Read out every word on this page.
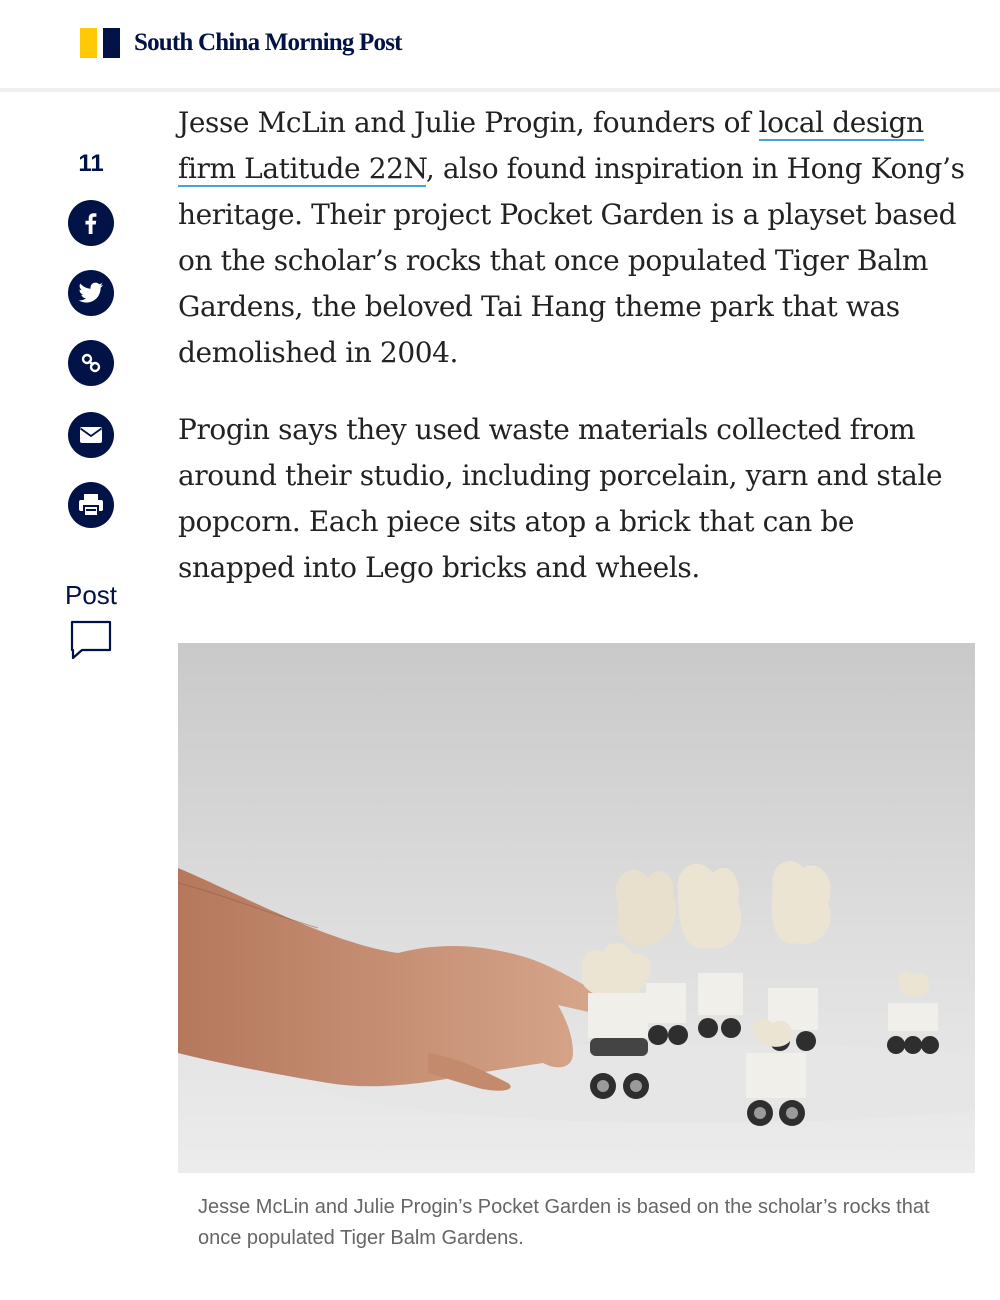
South China Morning Post
11
Post

Jesse McLin and Julie Progin, founders of local design firm Latitude 22N, also found inspiration in Hong Kong’s heritage. Their project Pocket Garden is a playset based on the scholar’s rocks that once populated Tiger Balm Gardens, the beloved Tai Hang theme park that was demolished in 2004.

Progin says they used waste materials collected from around their studio, including porcelain, yarn and stale popcorn. Each piece sits atop a brick that can be snapped into Lego bricks and wheels.

Jesse McLin and Julie Progin’s Pocket Garden is based on the scholar’s rocks that once populated Tiger Balm Gardens.
